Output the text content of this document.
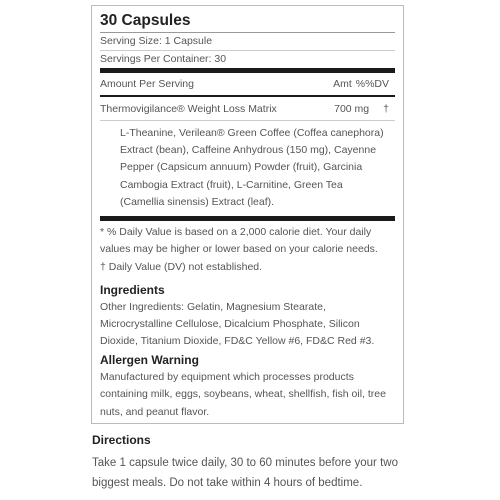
30 Capsules
Serving Size: 1 Capsule
Servings Per Container: 30
Amount Per Serving	Amt %%DV
Thermovigilance® Weight Loss Matrix	700 mg †
L-Theanine, Verilean® Green Coffee (Coffea canephora) Extract (bean), Caffeine Anhydrous (150 mg), Cayenne Pepper (Capsicum annuum) Powder (fruit), Garcinia Cambogia Extract (fruit), L-Carnitine, Green Tea (Camellia sinensis) Extract (leaf).
* % Daily Value is based on a 2,000 calorie diet. Your daily values may be higher or lower based on your calorie needs.
† Daily Value (DV) not established.
Ingredients
Other Ingredients: Gelatin, Magnesium Stearate, Microcrystalline Cellulose, Dicalcium Phosphate, Silicon Dioxide, Titanium Dioxide, FD&C Yellow #6, FD&C Red #3.
Allergen Warning
Manufactured by equipment which processes products containing milk, eggs, soybeans, wheat, shellfish, fish oil, tree nuts, and peanut flavor.
Directions
Take 1 capsule twice daily, 30 to 60 minutes before your two biggest meals. Do not take within 4 hours of bedtime.
